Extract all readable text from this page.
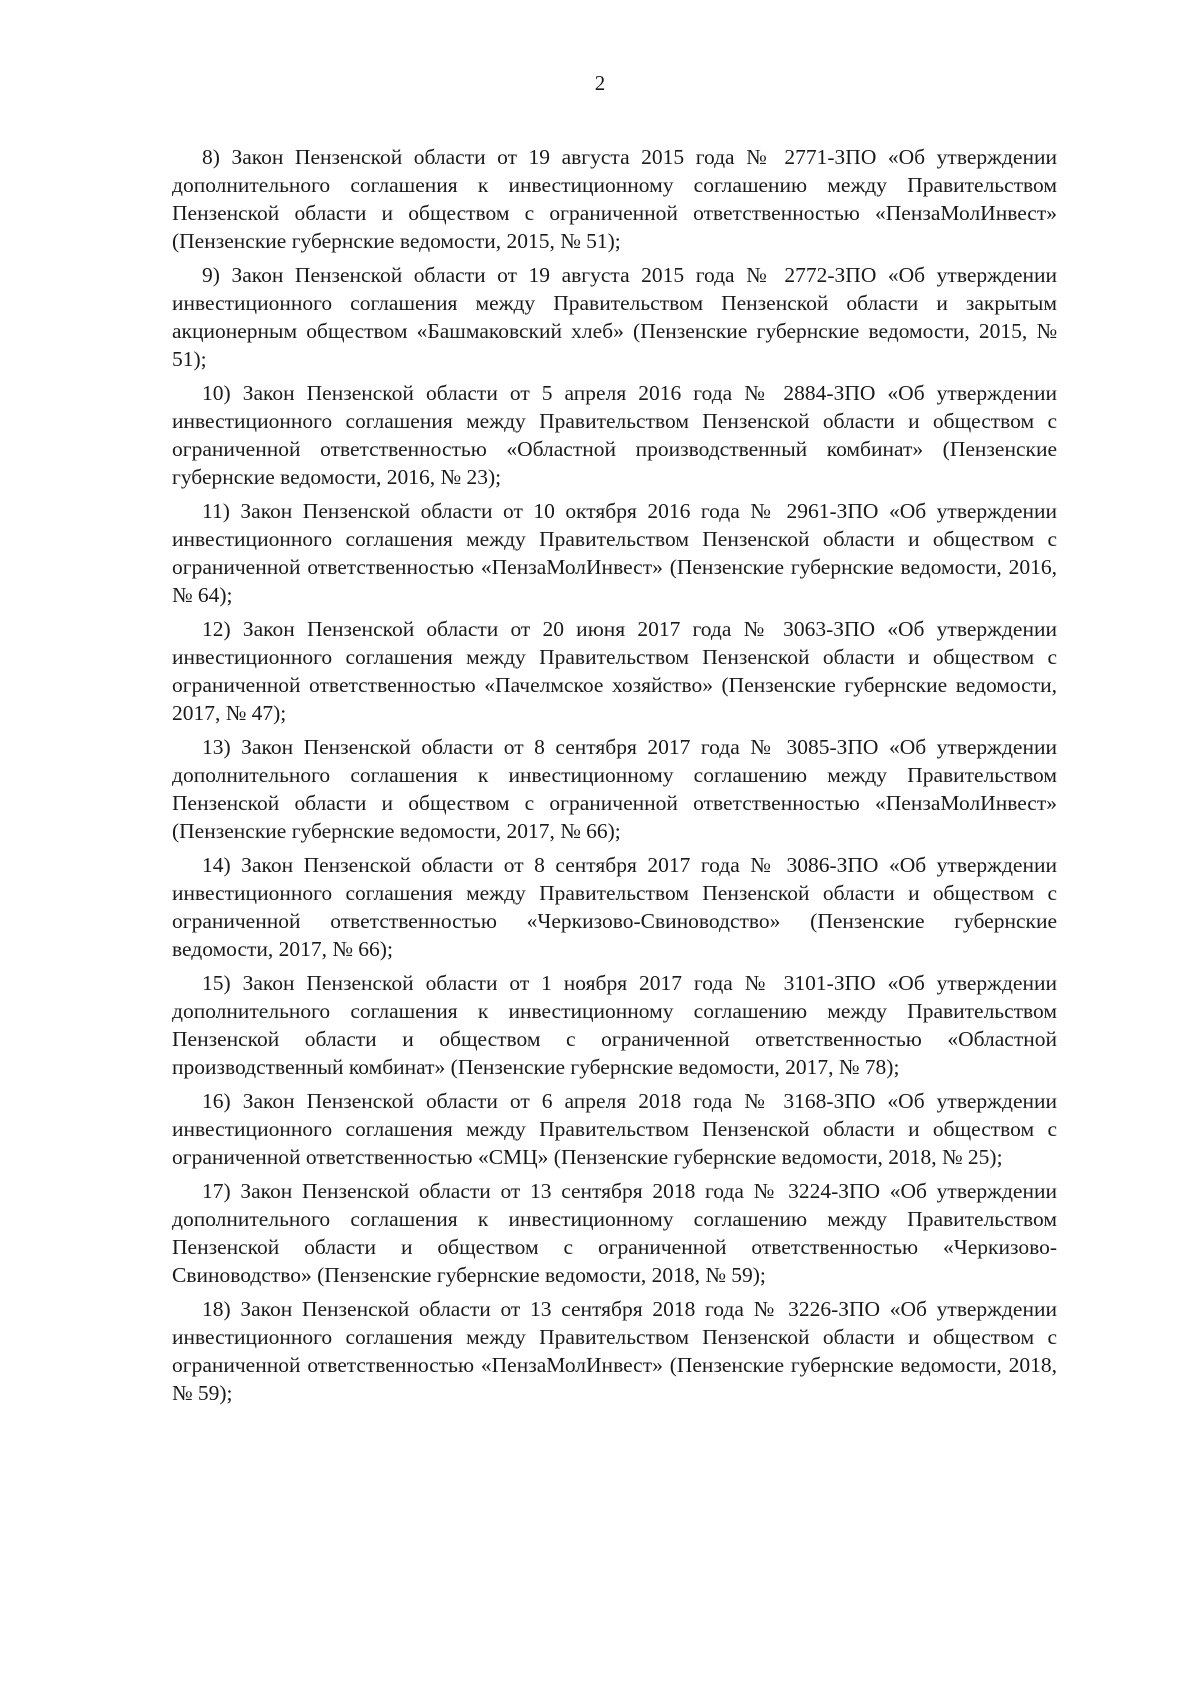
2

8) Закон Пензенской области от 19 августа 2015 года № 2771-ЗПО «Об утверждении дополнительного соглашения к инвестиционному соглашению между Правительством Пензенской области и обществом с ограниченной ответственностью «ПензаМолИнвест» (Пензенские губернские ведомости, 2015, № 51);

9) Закон Пензенской области от 19 августа 2015 года № 2772-ЗПО «Об утверждении инвестиционного соглашения между Правительством Пензенской области и закрытым акционерным обществом «Башмаковский хлеб» (Пензенские губернские ведомости, 2015, № 51);

10) Закон Пензенской области от 5 апреля 2016 года № 2884-ЗПО «Об утверждении инвестиционного соглашения между Правительством Пензенской области и обществом с ограниченной ответственностью «Областной производственный комбинат» (Пензенские губернские ведомости, 2016, № 23);

11) Закон Пензенской области от 10 октября 2016 года № 2961-ЗПО «Об утверждении инвестиционного соглашения между Правительством Пензенской области и обществом с ограниченной ответственностью «ПензаМолИнвест» (Пензенские губернские ведомости, 2016, № 64);

12) Закон Пензенской области от 20 июня 2017 года № 3063-ЗПО «Об утверждении инвестиционного соглашения между Правительством Пензенской области и обществом с ограниченной ответственностью «Пачелмское хозяйство» (Пензенские губернские ведомости, 2017, № 47);

13) Закон Пензенской области от 8 сентября 2017 года № 3085-ЗПО «Об утверждении дополнительного соглашения к инвестиционному соглашению между Правительством Пензенской области и обществом с ограниченной ответственностью «ПензаМолИнвест» (Пензенские губернские ведомости, 2017, № 66);

14) Закон Пензенской области от 8 сентября 2017 года № 3086-ЗПО «Об утверждении инвестиционного соглашения между Правительством Пензенской области и обществом с ограниченной ответственностью «Черкизово-Свиноводство» (Пензенские губернские ведомости, 2017, № 66);

15) Закон Пензенской области от 1 ноября 2017 года № 3101-ЗПО «Об утверждении дополнительного соглашения к инвестиционному соглашению между Правительством Пензенской области и обществом с ограниченной ответственностью «Областной производственный комбинат» (Пензенские губернские ведомости, 2017, № 78);

16) Закон Пензенской области от 6 апреля 2018 года № 3168-ЗПО «Об утверждении инвестиционного соглашения между Правительством Пензенской области и обществом с ограниченной ответственностью «СМЦ» (Пензенские губернские ведомости, 2018, № 25);

17) Закон Пензенской области от 13 сентября 2018 года № 3224-ЗПО «Об утверждении дополнительного соглашения к инвестиционному соглашению между Правительством Пензенской области и обществом с ограниченной ответственностью «Черкизово-Свиноводство» (Пензенские губернские ведомости, 2018, № 59);

18) Закон Пензенской области от 13 сентября 2018 года № 3226-ЗПО «Об утверждении инвестиционного соглашения между Правительством Пензенской области и обществом с ограниченной ответственностью «ПензаМолИнвест» (Пензенские губернские ведомости, 2018, № 59);
